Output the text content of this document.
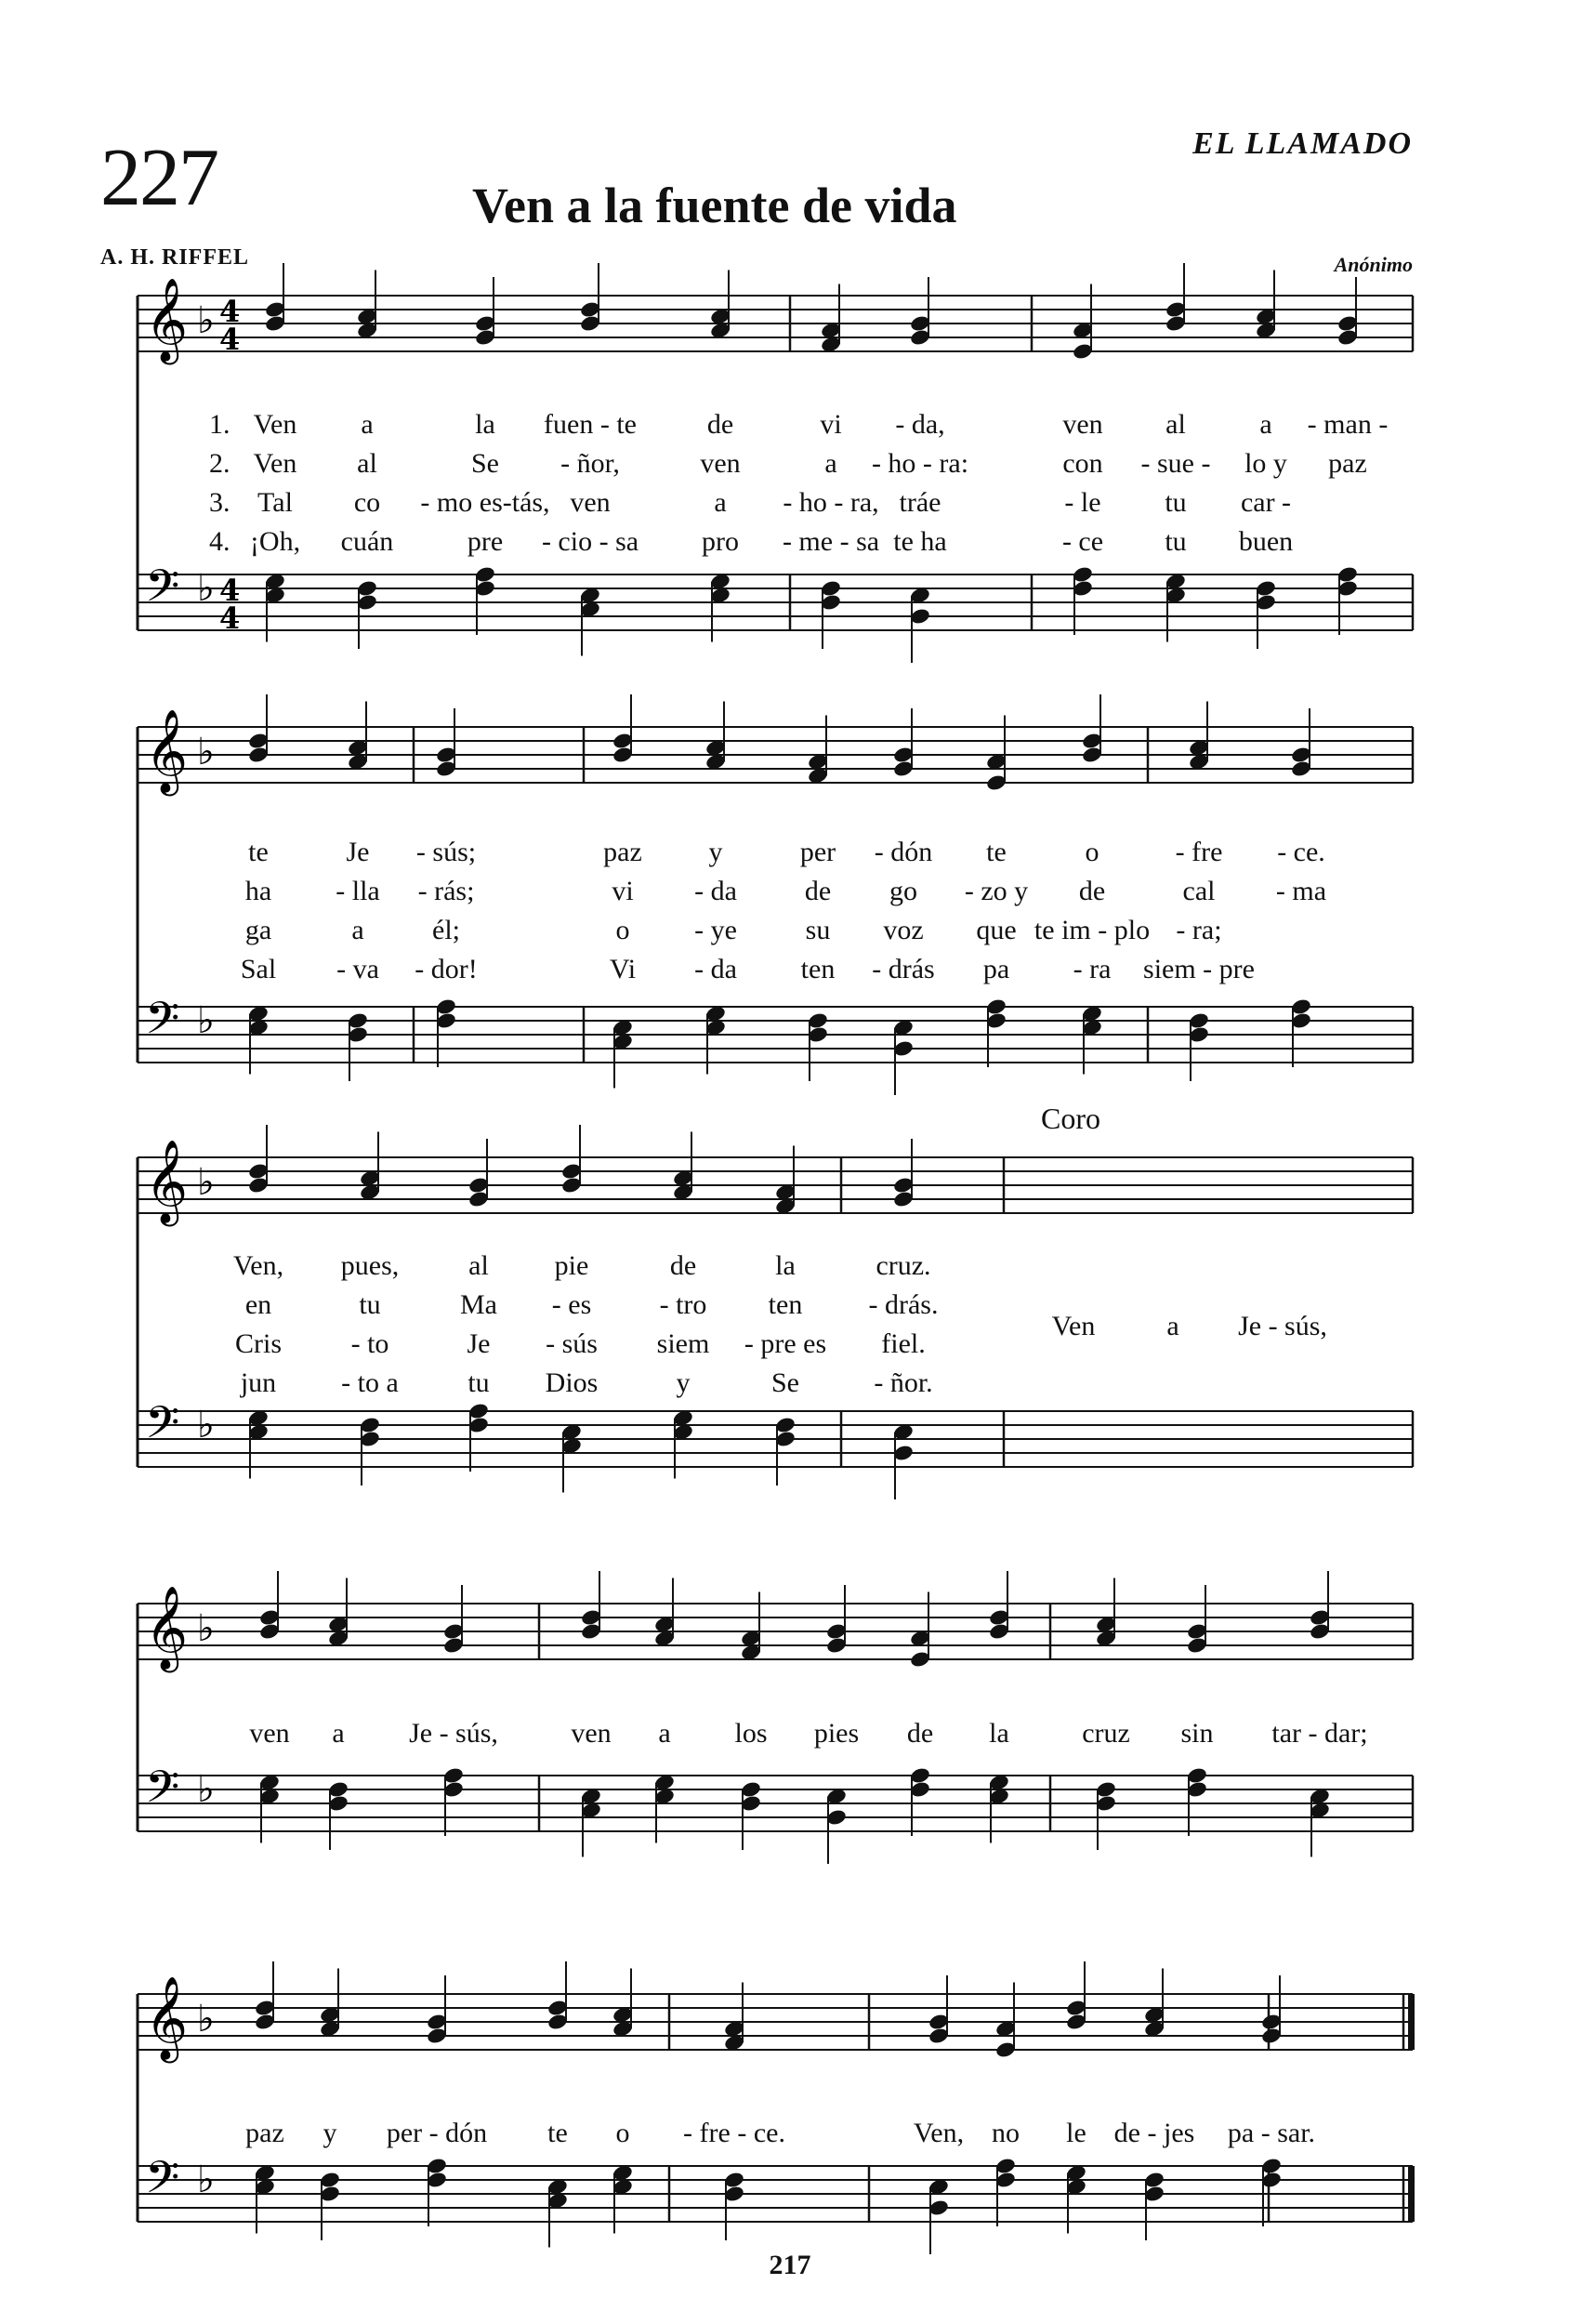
227	EL LLAMADO
Ven a la fuente de vida
A. H. RIFFEL	Anónimo
𝄞 ♭ 4
4
𝄢 ♭ 4
4
𝄞 ♭
𝄢 ♭
𝄞 ♭
𝄢 ♭
𝄞 ♭
𝄢 ♭
𝄞 ♭
𝄢 ♭
Ven a	la fuen - te	de	vi - da,	ven al	a - man -
Ven al	Se - ñor,	ven	a - ho - ra:	con - sue - lo y paz
Tal co - mo es-tás, ven	a - ho - ra, tráe	- le tu car -
¡Oh, cuán	pre - cio - sa pro - me - sa te ha	- ce tu buen
1.
2.
3.
4.
te	Je - sús;	paz y	per - dón te	o	- fre - ce.
ha - lla - rás;	vi - da de go - zo y de	cal - ma
ga	a él;	o - ye su voz que te im - plo - ra;
Sal - va - dor!	Vi - da ten - drás pa - ra siem - pre
Ven, pues, al pie	de	la	cruz.
en	tu	Ma - es - tro ten - drás.
Cris - to	Je - sús siem - pre es fiel.
jun - to a tu Dios	y	Se	- ñor.
Ven	a Je - sús,
ven a Je - sús,	ven a los pies de la	cruz sin tar - dar;
paz y per - dón te o - fre - ce.	Ven, no le de - jes pa - sar.
Coro
217
